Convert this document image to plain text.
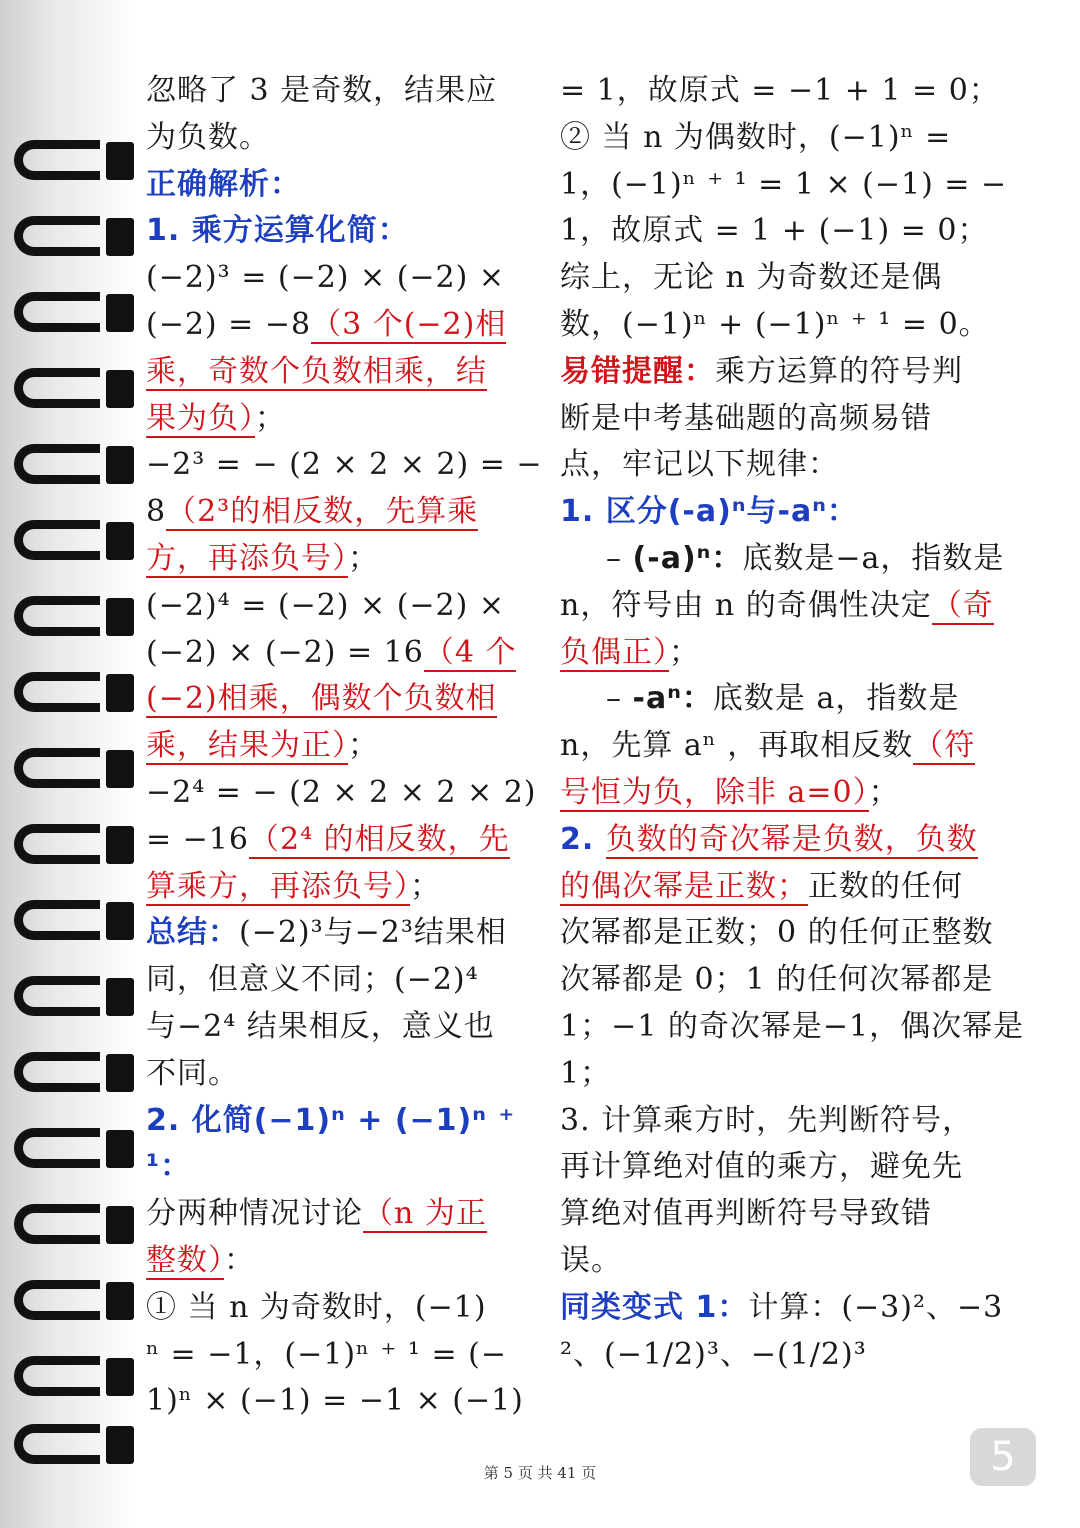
忽略了 3 是奇数，结果应
为负数。
正确解析：
1. 乘方运算化简：
(−2)³ = (−2) × (−2) ×
(−2) = −8（3 个(−2)相
乘，奇数个负数相乘，结
果为负）；
−2³ = − (2 × 2 × 2) = −
8（2³的相反数，先算乘
方，再添负号）；
(−2)⁴ = (−2) × (−2) ×
(−2) × (−2) = 16（4 个
(−2)相乘，偶数个负数相
乘，结果为正）；
−2⁴ = − (2 × 2 × 2 × 2)
= −16（2⁴ 的相反数，先
算乘方，再添负号）；
总结：(−2)³与−2³结果相
同，但意义不同；(−2)⁴
与−2⁴ 结果相反，意义也
不同。
2. 化简(−1)ⁿ + (−1)ⁿ ⁺
¹：
分两种情况讨论（n 为正
整数）：
① 当 n 为奇数时，(−1)
ⁿ = −1，(−1)ⁿ ⁺ ¹ = (−
1)ⁿ × (−1) = −1 × (−1)
= 1，故原式 = −1 + 1 = 0；
② 当 n 为偶数时，(−1)ⁿ =
1，(−1)ⁿ ⁺ ¹ = 1 × (−1) = −
1，故原式 = 1 + (−1) = 0；
综上，无论 n 为奇数还是偶
数，(−1)ⁿ + (−1)ⁿ ⁺ ¹ = 0。
易错提醒：乘方运算的符号判
断是中考基础题的高频易错
点，牢记以下规律：
1. 区分(-a)ⁿ与-aⁿ：
– (-a)ⁿ：底数是−a，指数是
n，符号由 n 的奇偶性决定（奇
负偶正）；
– -aⁿ：底数是 a，指数是
n，先算 aⁿ ，再取相反数（符
号恒为负，除非 a=0）；
2. 负数的奇次幂是负数，负数
的偶次幂是正数；正数的任何
次幂都是正数；0 的任何正整数
次幂都是 0；1 的任何次幂都是
1；−1 的奇次幂是−1，偶次幂是
1；
3. 计算乘方时，先判断符号，
再计算绝对值的乘方，避免先
算绝对值再判断符号导致错
误。
同类变式 1：计算：(−3)²、−3
²、(−1/2)³、−(1/2)³
第 5 页 共 41 页	5
